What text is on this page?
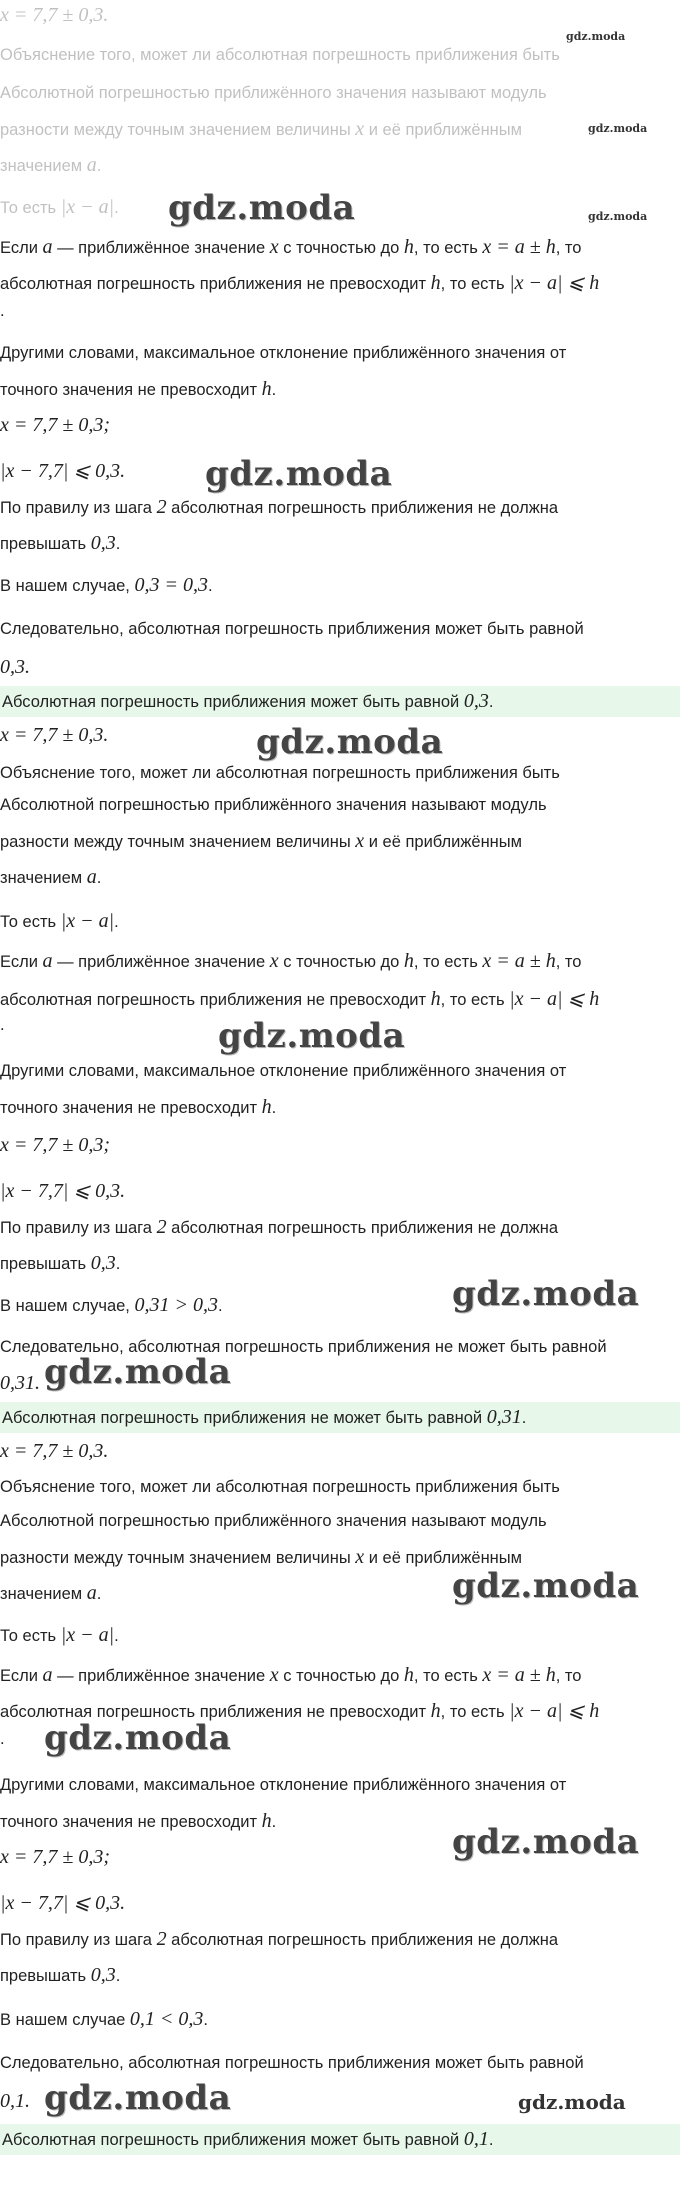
x = 7,7 ± 0,3.
Объяснение того, может ли абсолютная погрешность приближения быть
Абсолютной погрешностью приближённого значения называют модуль
разности между точным значением величины x и её приближённым
значением a.
То есть |x − a|.
Если a — приближённое значение x с точностью до h, то есть x = a ± h, то
абсолютная погрешность приближения не превосходит h, то есть |x − a| ⩽ h
.
Другими словами, максимальное отклонение приближённого значения от
точного значения не превосходит h.
x = 7,7 ± 0,3;
|x − 7,7| ⩽ 0,3.
По правилу из шага 2 абсолютная погрешность приближения не должна
превышать 0,3.
В нашем случае, 0,3 = 0,3.
Следовательно, абсолютная погрешность приближения может быть равной
0,3.
Абсолютная погрешность приближения может быть равной 0,3.
x = 7,7 ± 0,3.
Объяснение того, может ли абсолютная погрешность приближения быть
Абсолютной погрешностью приближённого значения называют модуль
разности между точным значением величины x и её приближённым
значением a.
То есть |x − a|.
Если a — приближённое значение x с точностью до h, то есть x = a ± h, то
абсолютная погрешность приближения не превосходит h, то есть |x − a| ⩽ h
.
Другими словами, максимальное отклонение приближённого значения от
точного значения не превосходит h.
x = 7,7 ± 0,3;
|x − 7,7| ⩽ 0,3.
По правилу из шага 2 абсолютная погрешность приближения не должна
превышать 0,3.
В нашем случае, 0,31 > 0,3.
Следовательно, абсолютная погрешность приближения не может быть равной
0,31.
Абсолютная погрешность приближения не может быть равной 0,31.
x = 7,7 ± 0,3.
Объяснение того, может ли абсолютная погрешность приближения быть
Абсолютной погрешностью приближённого значения называют модуль
разности между точным значением величины x и её приближённым
значением a.
То есть |x − a|.
Если a — приближённое значение x с точностью до h, то есть x = a ± h, то
абсолютная погрешность приближения не превосходит h, то есть |x − a| ⩽ h
.
Другими словами, максимальное отклонение приближённого значения от
точного значения не превосходит h.
x = 7,7 ± 0,3;
|x − 7,7| ⩽ 0,3.
По правилу из шага 2 абсолютная погрешность приближения не должна
превышать 0,3.
В нашем случае 0,1 < 0,3.
Следовательно, абсолютная погрешность приближения может быть равной
0,1.
Абсолютная погрешность приближения может быть равной 0,1.
gdz.moda
gdz.moda
gdz.moda
gdz.moda
gdz.moda
gdz.moda
gdz.moda
gdz.moda
gdz.moda
gdz.moda
gdz.moda
gdz.moda
gdz.moda	gdz.moda
